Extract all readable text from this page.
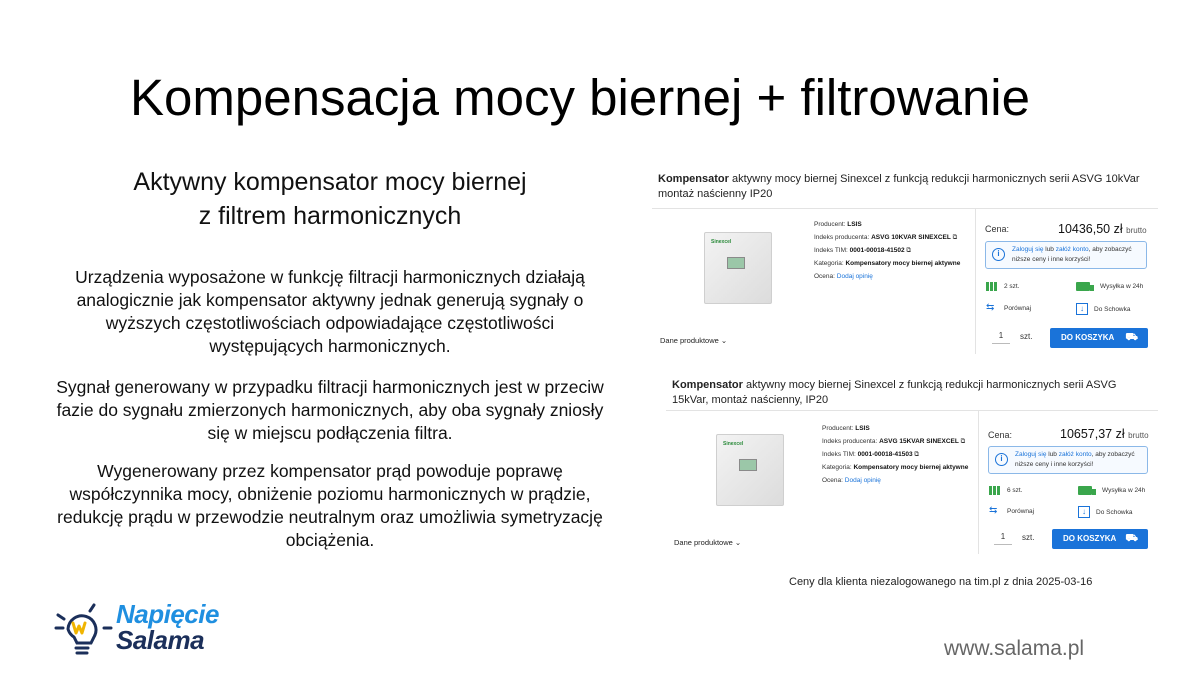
Kompensacja mocy biernej + filtrowanie
Aktywny kompensator mocy biernej
z filtrem harmonicznych

Urządzenia wyposażone w funkcję filtracji harmonicznych działają analogicznie jak kompensator aktywny jednak generują sygnały o wyższych częstotliwościach odpowiadające częstotliwości występujących harmonicznych.

Sygnał generowany w przypadku filtracji harmonicznych jest w przeciw fazie do sygnału zmierzonych harmonicznych, aby oba sygnały zniosły się w miejscu podłączenia filtra.

Wygenerowany przez kompensator prąd powoduje poprawę współczynnika mocy, obniżenie poziomu harmonicznych w prądzie, redukcję prądu w przewodzie neutralnym oraz umożliwia symetryzację obciążenia.

Kompensator aktywny mocy biernej Sinexcel z funkcją redukcji harmonicznych serii ASVG 10kVar montaż naścienny IP20
Sinexcel
Producent: LSIS
Indeks producenta: ASVG 10KVAR SINEXCEL ⧉
Indeks TIM: 0001-00018-41502 ⧉
Kategoria: Kompensatory mocy biernej aktywne
Ocena: Dodaj opinię
Cena:	10436,50 zł brutto
i	Zaloguj się lub załóż konto, aby zobaczyć niższe ceny i inne korzyści!
2 szt.	Wysyłka w 24h
⇆	Porównaj	↓	Do Schowka
1	szt.	DO KOSZYKA ⛟
Dane produktowe ⌄
Kompensator aktywny mocy biernej Sinexcel z funkcją redukcji harmonicznych serii ASVG 15kVar, montaż naścienny, IP20
Sinexcel
Producent: LSIS
Indeks producenta: ASVG 15KVAR SINEXCEL ⧉
Indeks TIM: 0001-00018-41503 ⧉
Kategoria: Kompensatory mocy biernej aktywne
Ocena: Dodaj opinię
Cena:	10657,37 zł brutto
i	Zaloguj się lub załóż konto, aby zobaczyć niższe ceny i inne korzyści!
6 szt.	Wysyłka w 24h
⇆	Porównaj	↓	Do Schowka
1	szt.	DO KOSZYKA ⛟
Dane produktowe ⌄
Ceny dla klienta niezalogowanego na tim.pl z dnia 2025-03-16
Napięcie
Salama	www.salama.pl
